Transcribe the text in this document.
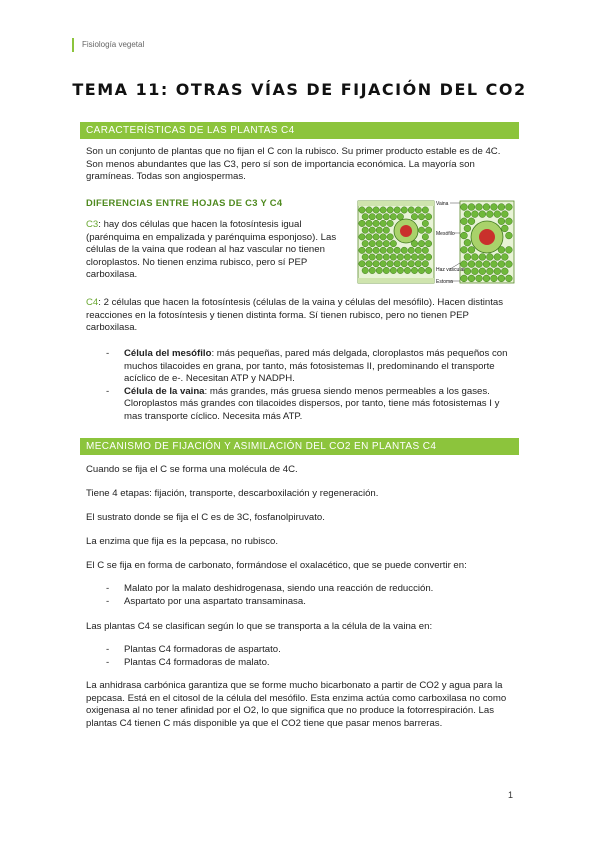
Fisiología vegetal
TEMA 11: OTRAS VÍAS DE FIJACIÓN DEL CO2
CARACTERÍSTICAS DE LAS PLANTAS C4

Son un conjunto de plantas que no fijan el C con la rubisco. Su primer producto estable es de 4C. Son menos abundantes que las C3, pero sí son de importancia económica. La mayoría son gramíneas. Todas son angiospermas.

DIFERENCIAS ENTRE HOJAS DE C3 Y C4

C3: hay dos células que hacen la fotosíntesis igual (parénquima en empalizada y parénquima esponjoso). Las células de la vaina que rodean al haz vascular no tienen cloroplastos. No tienen enzima rubisco, pero sí PEP carboxilasa.

Vaina
Mesófilo
Haz vascular
Estoma

C4: 2 células que hacen la fotosíntesis (células de la vaina y células del mesófilo). Hacen distintas reacciones en la fotosíntesis y tienen distinta forma. Sí tienen rubisco, pero no tienen PEP carboxilasa.

- Célula del mesófilo: más pequeñas, pared más delgada, cloroplastos más pequeños con muchos tilacoides en grana, por tanto, más fotosistemas II, predominando el transporte acíclico de e-. Necesitan ATP y NADPH.
- Célula de la vaina: más grandes, más gruesa siendo menos permeables a los gases. Cloroplastos más grandes con tilacoides dispersos, por tanto, tiene más fotosistemas I y mas transporte cíclico. Necesita más ATP.
MECANISMO DE FIJACIÓN Y ASIMILACIÓN DEL CO2 EN PLANTAS C4

Cuando se fija el C se forma una molécula de 4C.

Tiene 4 etapas: fijación, transporte, descarboxilación y regeneración.

El sustrato donde se fija el C es de 3C, fosfanolpiruvato.

La enzima que fija es la pepcasa, no rubisco.

El C se fija en forma de carbonato, formándose el oxalacético, que se puede convertir en:

- Malato por la malato deshidrogenasa, siendo una reacción de reducción.
- Aspartato por una aspartato transaminasa.

Las plantas C4 se clasifican según lo que se transporta a la célula de la vaina en:

- Plantas C4 formadoras de aspartato.
- Plantas C4 formadoras de malato.

La anhidrasa carbónica garantiza que se forme mucho bicarbonato a partir de CO2 y agua para la pepcasa. Está en el citosol de la célula del mesófilo. Esta enzima actúa como carboxilasa no como oxigenasa al no tener afinidad por el O2, lo que significa que no produce la fotorrespiración. Las plantas C4 tienen C más disponible ya que el CO2 tiene que pasar menos barreras.

1
